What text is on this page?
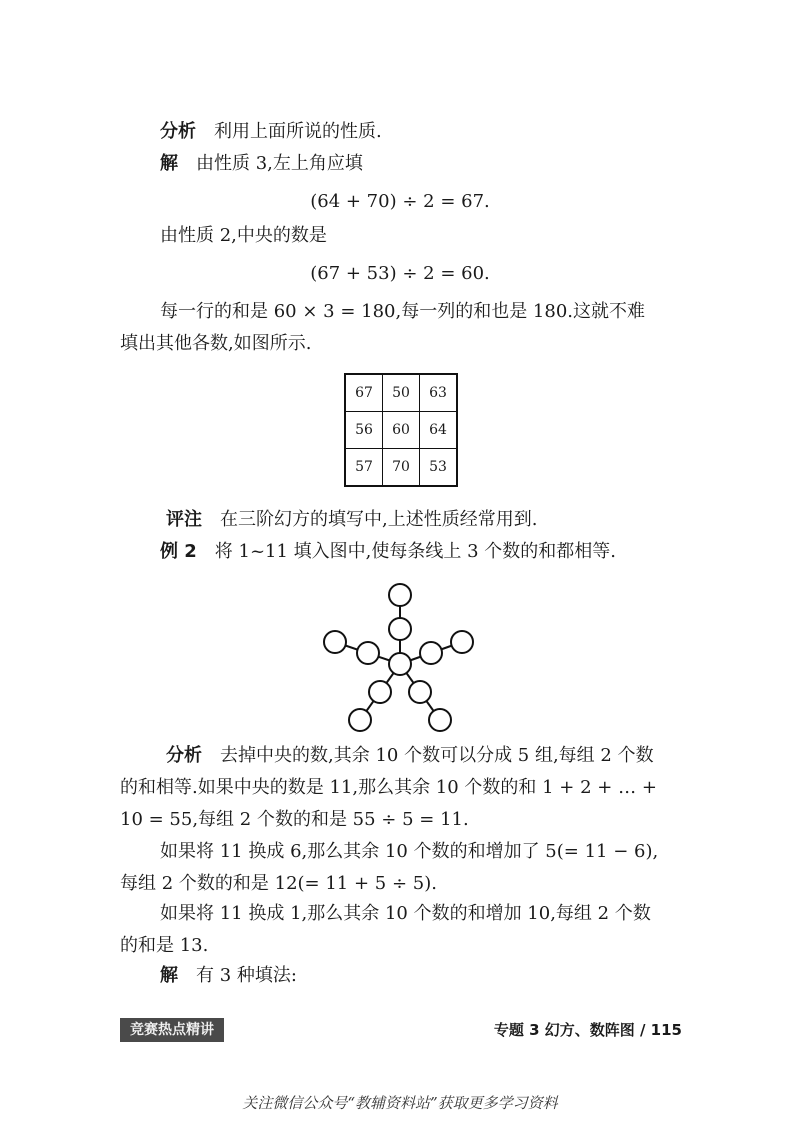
分析 利用上面所说的性质.
解 由性质 3,左上角应填
(64 + 70) ÷ 2 = 67.
由性质 2,中央的数是
(67 + 53) ÷ 2 = 60.
每一行的和是 60 × 3 = 180,每一列的和也是 180.这就不难
填出其他各数,如图所示.
67	50	63
56	60	64
57	70	53
评注 在三阶幻方的填写中,上述性质经常用到.
例 2 将 1~11 填入图中,使每条线上 3 个数的和都相等.
分析 去掉中央的数,其余 10 个数可以分成 5 组,每组 2 个数
的和相等.如果中央的数是 11,那么其余 10 个数的和 1 + 2 + … +
10 = 55,每组 2 个数的和是 55 ÷ 5 = 11.
如果将 11 换成 6,那么其余 10 个数的和增加了 5(= 11 − 6),
每组 2 个数的和是 12(= 11 + 5 ÷ 5).
如果将 11 换成 1,那么其余 10 个数的和增加 10,每组 2 个数
的和是 13.
解 有 3 种填法:
竞赛热点精讲	专题 3 幻方、数阵图 / 115
关注微信公众号“教辅资料站”获取更多学习资料
